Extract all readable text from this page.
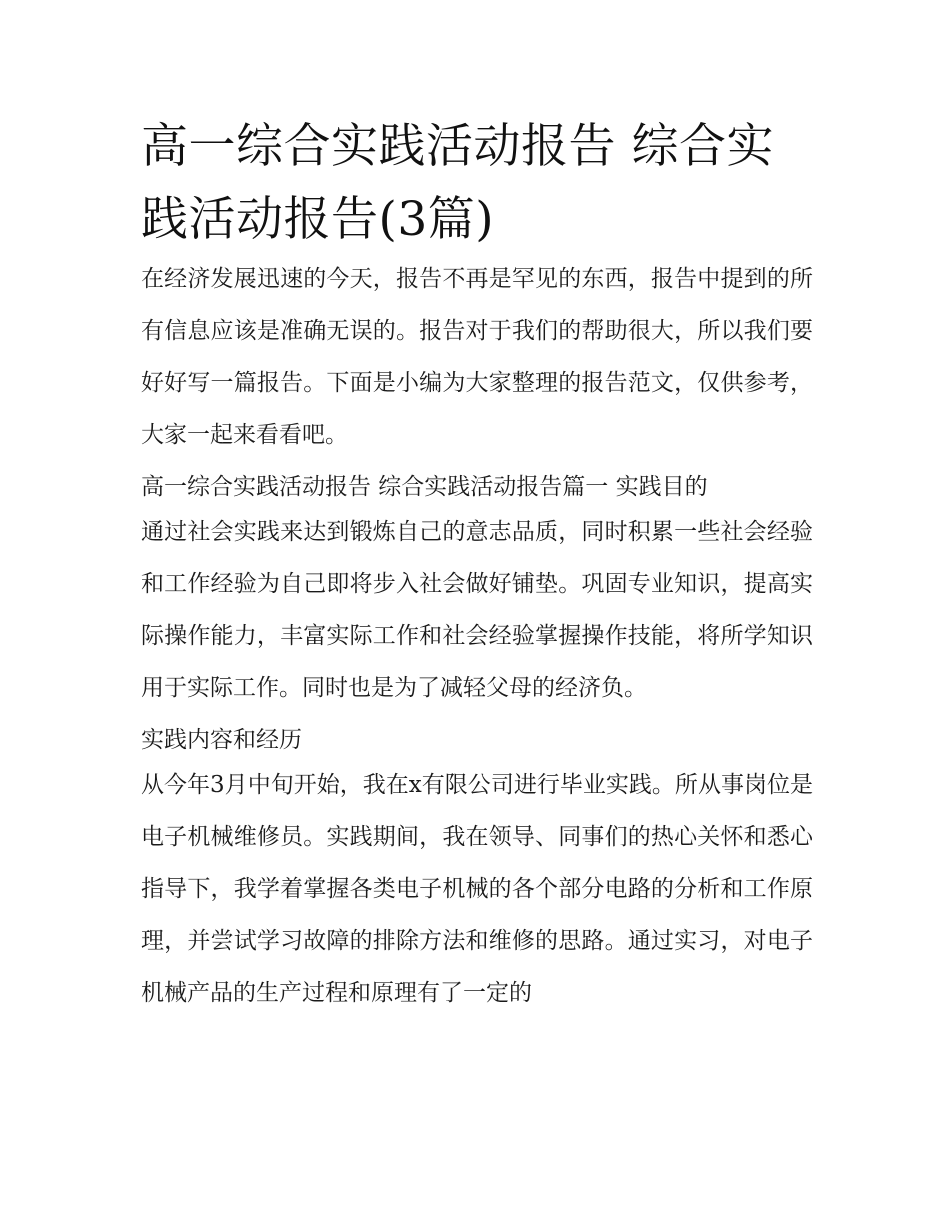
高一综合实践活动报告 综合实践活动报告(3篇)

在经济发展迅速的今天，报告不再是罕见的东西，报告中提到的所有信息应该是准确无误的。报告对于我们的帮助很大，所以我们要好好写一篇报告。下面是小编为大家整理的报告范文，仅供参考，大家一起来看看吧。

高一综合实践活动报告 综合实践活动报告篇一 实践目的

通过社会实践来达到锻炼自己的意志品质，同时积累一些社会经验和工作经验为自己即将步入社会做好铺垫。巩固专业知识，提高实际操作能力，丰富实际工作和社会经验掌握操作技能，将所学知识用于实际工作。同时也是为了减轻父母的经济负。

实践内容和经历

从今年3月中旬开始，我在x有限公司进行毕业实践。所从事岗位是电子机械维修员。实践期间，我在领导、同事们的热心关怀和悉心指导下，我学着掌握各类电子机械的各个部分电路的分析和工作原理，并尝试学习故障的排除方法和维修的思路。通过实习，对电子机械产品的生产过程和原理有了一定的
